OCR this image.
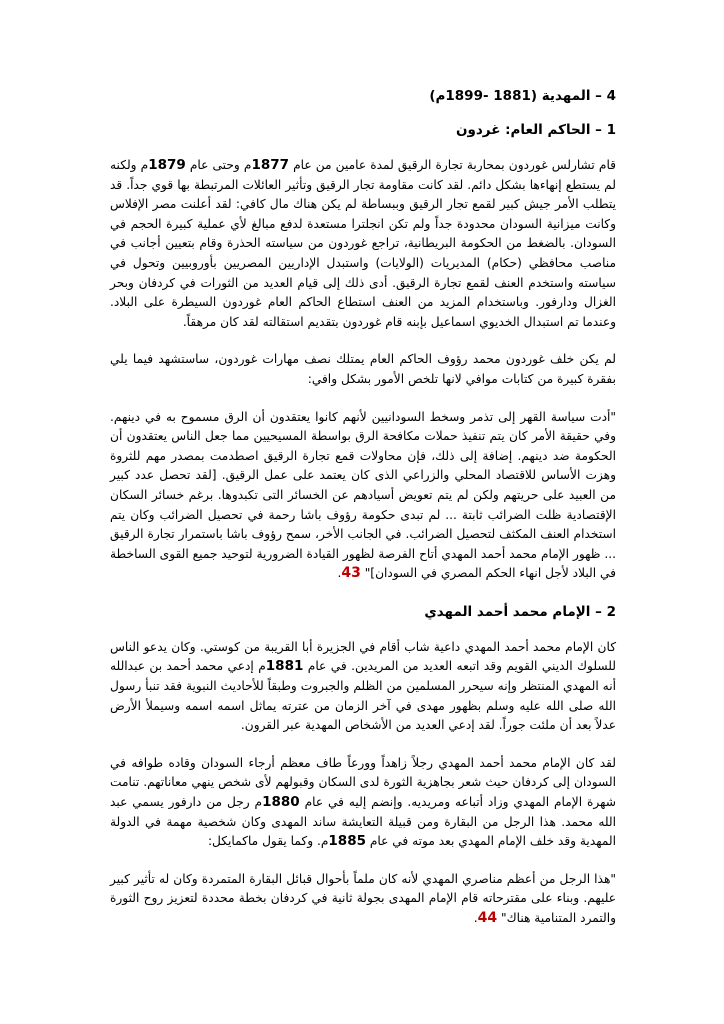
4 – المهدية (1881 -1899م)
1 – الحاكم العام: غردون

قام تشارلس غوردون بمحاربة تجارة الرقيق لمدة عامين من عام 1877م وحتى عام 1879م ولكنه لم يستطع إنهاءها بشكل دائم. لقد كانت مقاومة تجار الرقيق وتأثير العائلات المرتبطة بها قوي جداً. قد يتطلب الأمر جيش كبير لقمع تجار الرقيق وببساطة لم يكن هناك مال كافي: لقد أعلنت مصر الإفلاس وكانت ميزانية السودان محدودة جداً ولم تكن انجلترا مستعدة لدفع مبالغ لأي عملية كبيرة الحجم في السودان. بالضغط من الحكومة البريطانية، تراجع غوردون من سياسته الحذرة وقام بتعيين أجانب في مناصب محافظي (حكام) المديريات (الولايات) واستبدل الإداريين المصريين بأوروبيين وتحول في سياسته واستخدم العنف لقمع تجارة الرقيق. أدى ذلك إلى قيام العديد من الثورات في كردفان وبحر الغزال ودارفور. وباستخدام المزيد من العنف استطاع الحاكم العام غوردون السيطرة على البلاد. وعندما تم استبدال الخديوي اسماعيل بإبنه قام غوردون بتقديم استقالته لقد كان مرهقاً.

لم يكن خلف غوردون محمد رؤوف الحاكم العام يمتلك نصف مهارات غوردون، ساستشهد فيما يلي بفقرة كبيرة من كتابات موافي لانها تلخص الأمور بشكل وافي:

"أدت سياسة القهر إلى تذمر وسخط السودانيين لأنهم كانوا يعتقدون أن الرق مسموح به في دينهم. وفي حقيقة الأمر كان يتم تنفيذ حملات مكافحة الرق بواسطة المسيحيين مما جعل الناس يعتقدون أن الحكومة ضد دينهم. إضافة إلى ذلك، فإن محاولات قمع تجارة الرقيق اصطدمت بمصدر مهم للثروة وهزت الأساس للاقتصاد المحلي والزراعي الذى كان يعتمد على عمل الرقيق. [لقد تحصل عدد كبير من العبيد على حريتهم ولكن لم يتم تعويض أسيادهم عن الخسائر التى تكبدوها. برغم خسائر السكان الإقتصادية ظلت الضرائب ثابتة ... لم تبدى حكومة رؤوف باشا رحمة في تحصيل الضرائب وكان يتم استخدام العنف المكثف لتحصيل الضرائب. في الجانب الأخر، سمح رؤوف باشا باستمرار تجارة الرقيق ... ظهور الإمام محمد أحمد المهدي أتاح الفرصة لظهور القيادة الضرورية لتوحيد جميع القوى الساخطة في البلاد لأجل انهاء الحكم المصري في السودان]" 43.

2 – الإمام محمد أحمد المهدي

كان الإمام محمد أحمد المهدي داعية شاب أقام في الجزيرة أبا القريبة من كوستي. وكان يدعو الناس للسلوك الديني القويم وقد اتبعه العديد من المريدين. في عام 1881م إدعي محمد أحمد بن عبدالله أنه المهدي المنتظر وإنه سيحرر المسلمين من الظلم والجبروت وطبقاً للأحاديث النبوية فقد تنبأ رسول الله صلى الله عليه وسلم بظهور مهدى في آخر الزمان من عترته يماثل اسمه اسمه وسيملأ الأرض عدلاً بعد أن ملئت جوراً. لقد إدعي العديد من الأشخاص المهدية عبر القرون.

لقد كان الإمام محمد أحمد المهدي رجلاً زاهداً وورعاً طاف معظم أرجاء السودان وقاده طوافه في السودان إلى كردفان حيث شعر بجاهزية الثورة لدى السكان وقبولهم لأى شخص ينهي معاناتهم. تنامت شهرة الإمام المهدي وزاد أتباعه ومريديه. وإنضم إليه في عام 1880م رجل من دارفور يسمي عبد الله محمد. هذا الرجل من البقارة ومن قبيلة التعايشة ساند المهدى وكان شخصية مهمة في الدولة المهدية وقد خلف الإمام المهدي بعد موته في عام 1885م. وكما يقول ماكمايكل:

"هذا الرجل من أعظم مناصري المهدي لأنه كان ملماً بأحوال قبائل البقارة المتمردة وكان له تأثير كبير عليهم. وبناء على مقترحاته قام الإمام المهدى بجولة ثانية في كردفان بخطة محددة لتعزيز روح الثورة والتمرد المتنامية هناك" 44.
